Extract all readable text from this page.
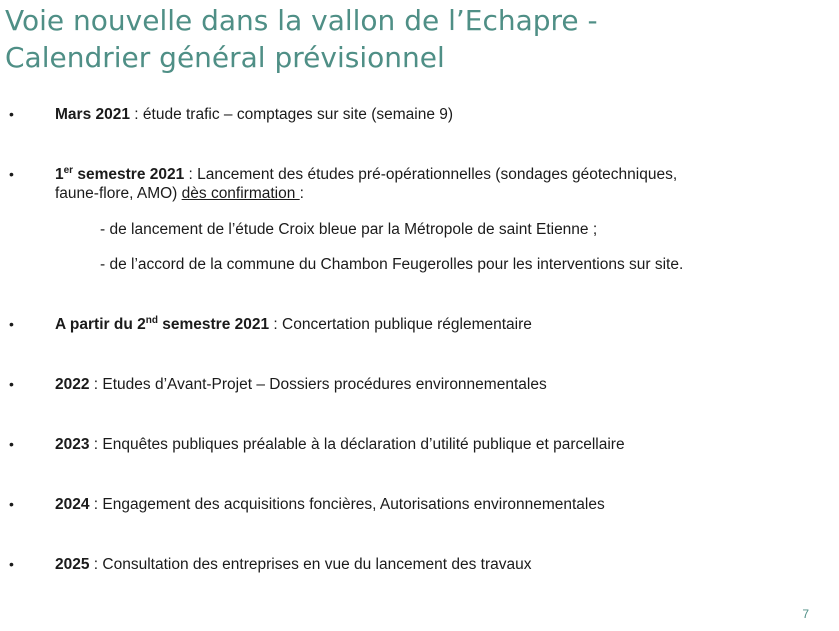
Voie nouvelle dans la vallon de l’Echapre -
Calendrier général prévisionnel
•	Mars 2021 : étude trafic – comptages sur site (semaine 9)
•	1er semestre 2021 : Lancement des études pré-opérationnelles (sondages géotechniques,
faune-flore, AMO) dès confirmation :
- de lancement de l’étude Croix bleue par la Métropole de saint Etienne ;
- de l’accord de la commune du Chambon Feugerolles pour les interventions sur site.
•	A partir du 2nd semestre 2021 : Concertation publique réglementaire
•	2022 : Etudes d’Avant-Projet – Dossiers procédures environnementales
•	2023 : Enquêtes publiques préalable à la déclaration d’utilité publique et parcellaire
•	2024 : Engagement des acquisitions foncières, Autorisations environnementales
•	2025 : Consultation des entreprises en vue du lancement des travaux
7
